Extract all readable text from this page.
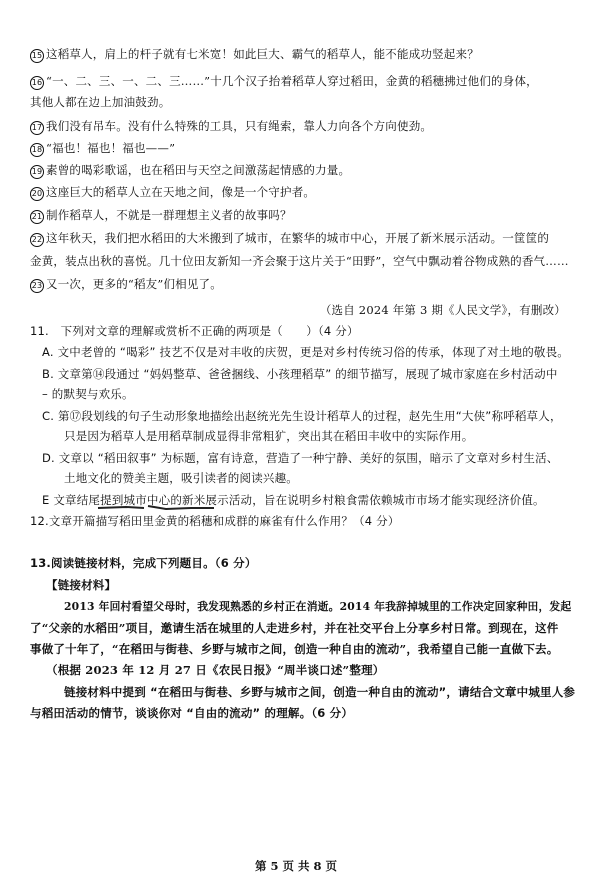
15 这稻草人，肩上的杆子就有七米宽！如此巨大、霸气的稻草人，能不能成功竖起来？
16 “一、二、三、一、二、三……”十几个汉子抬着稻草人穿过稻田，金黄的稻穗拂过他们的身体，
其他人都在边上加油鼓劲。
17 我们没有吊车。没有什么特殊的工具，只有绳索，靠人力向各个方向使劲。
18 “福也！福也！福也——”
19 素曾的喝彩歌谣，也在稻田与天空之间激荡起情感的力量。
20 这座巨大的稻草人立在天地之间，像是一个守护者。
21 制作稻草人，不就是一群理想主义者的故事吗？
22 这年秋天，我们把水稻田的大米搬到了城市，在繁华的城市中心，开展了新米展示活动。一筐筐的
金黄，装点出秋的喜悦。几十位田友新知一齐会聚于这片关于“田野”，空气中飘动着谷物成熟的香气……
23 又一次，更多的“稻友”们相见了。
（选自 2024 年第 3 期《人民文学》，有删改）
11.　下列对文章的理解或赏析不正确的两项是（　　）（4 分）
A. 文中老曾的 “喝彩” 技艺不仅是对丰收的庆贺，更是对乡村传统习俗的传承，体现了对土地的敬畏。
B. 文章第⑭段通过 “妈妈整草、爸爸捆线、小孩理稻草” 的细节描写，展现了城市家庭在乡村活动中
– 的默契与欢乐。
C. 第⑰段划线的句子生动形象地描绘出赵统光先生设计稻草人的过程，赵先生用“大侠”称呼稻草人，
只是因为稻草人是用稻草制成显得非常粗犷，突出其在稻田丰收中的实际作用。
D. 文章以 “稻田叙事” 为标题，富有诗意，营造了一种宁静、美好的氛围，暗示了文章对乡村生活、
土地文化的赞美主题，吸引读者的阅读兴趣。
E 文章结尾提到城市中心的新米展示活动，旨在说明乡村粮食需依赖城市市场才能实现经济价值。
12.文章开篇描写稻田里金黄的稻穗和成群的麻雀有什么作用？（4 分）
13.阅读链接材料，完成下列题目。（6 分）
【链接材料】
2013 年回村看望父母时，我发现熟悉的乡村正在消逝。2014 年我辞掉城里的工作决定回家种田，发起
了“父亲的水稻田”项目，邀请生活在城里的人走进乡村，并在社交平台上分享乡村日常。到现在，这件
事做了十年了，“在稻田与街巷、乡野与城市之间，创造一种自由的流动”，我希望自己能一直做下去。
（根据 2023 年 12 月 27 日《农民日报》“周半谈口述”整理）
链接材料中提到 “在稻田与街巷、乡野与城市之间，创造一种自由的流动”，请结合文章中城里人参
与稻田活动的情节，谈谈你对 “自由的流动” 的理解。（6 分）
第 5 页 共 8 页
